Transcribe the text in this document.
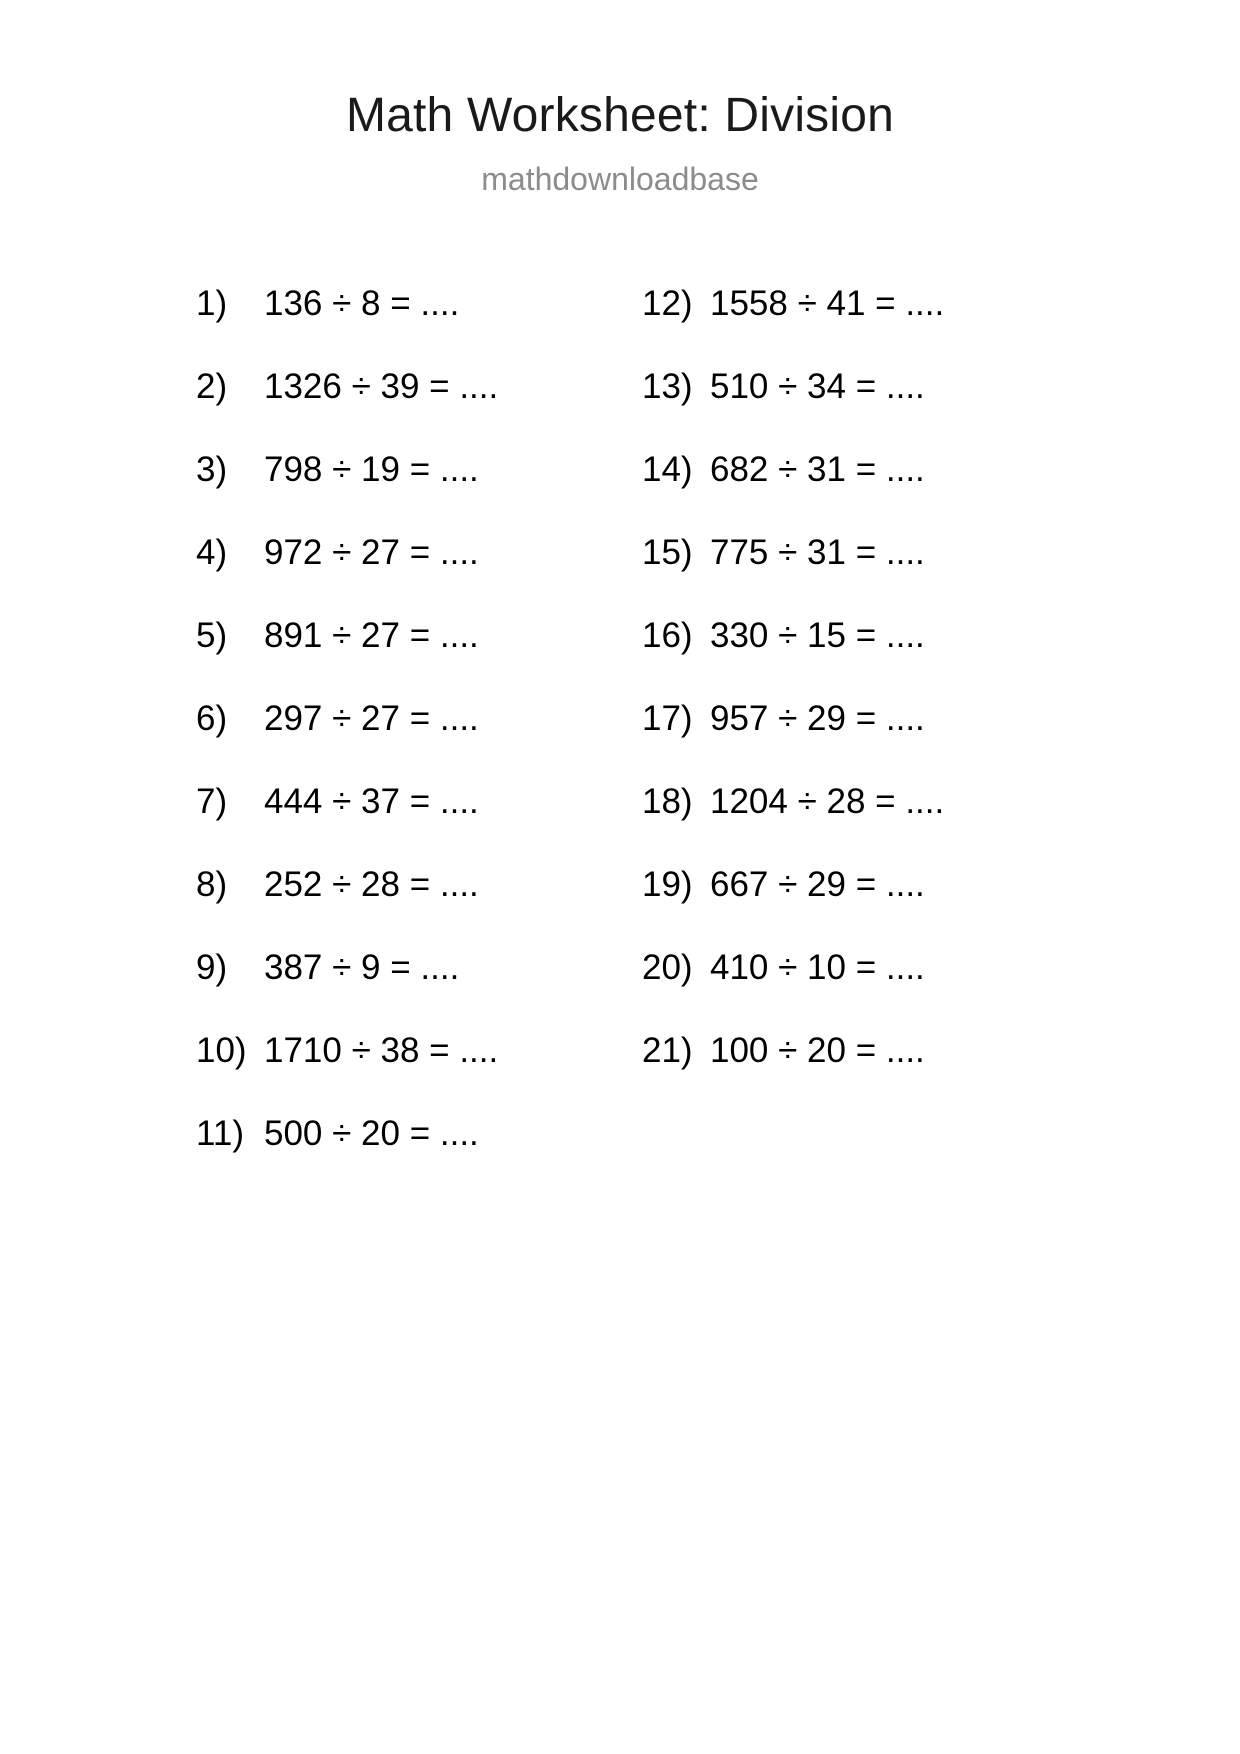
Math Worksheet: Division
mathdownloadbase
1)	136 ÷ 8 = ....
2)	1326 ÷ 39 = ....
3)	798 ÷ 19 = ....
4)	972 ÷ 27 = ....
5)	891 ÷ 27 = ....
6)	297 ÷ 27 = ....
7)	444 ÷ 37 = ....
8)	252 ÷ 28 = ....
9)	387 ÷ 9 = ....
10) 1710 ÷ 38 = ....
11) 500 ÷ 20 = ....
12) 1558 ÷ 41 = ....
13) 510 ÷ 34 = ....
14) 682 ÷ 31 = ....
15) 775 ÷ 31 = ....
16) 330 ÷ 15 = ....
17) 957 ÷ 29 = ....
18) 1204 ÷ 28 = ....
19) 667 ÷ 29 = ....
20) 410 ÷ 10 = ....
21) 100 ÷ 20 = ....
